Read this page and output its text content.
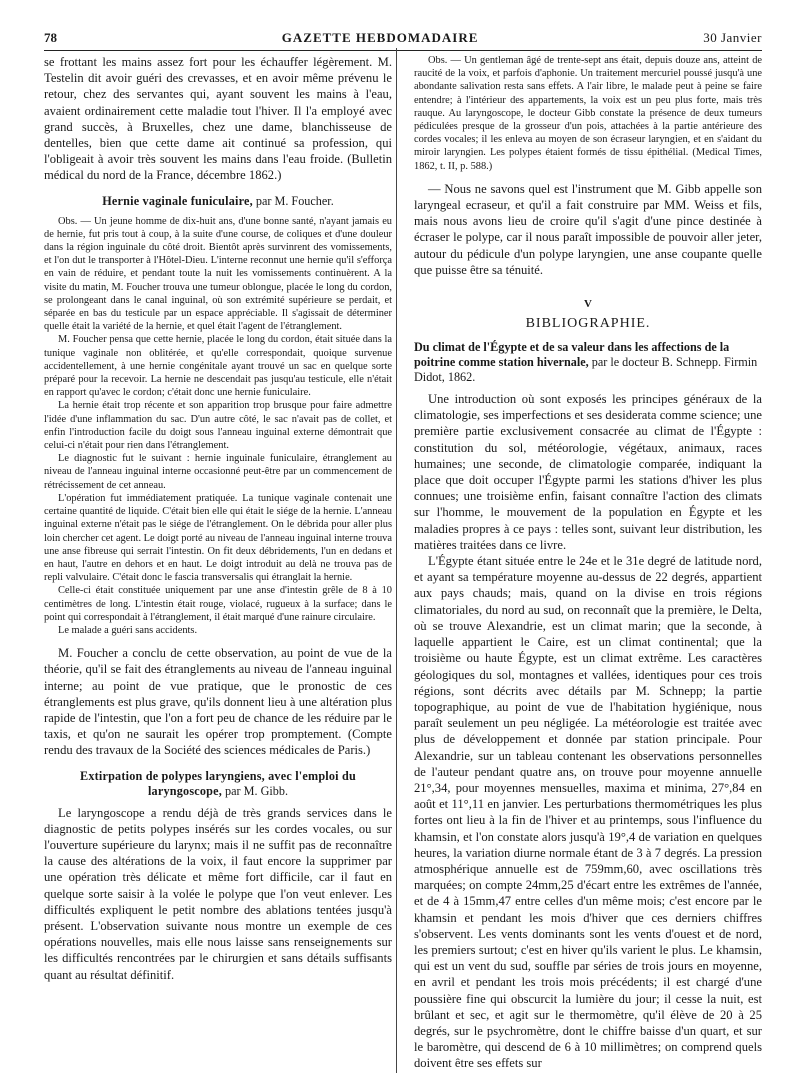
78	GAZETTE HEBDOMADAIRE	30 Janvier

se frottant les mains assez fort pour les échauffer légèrement. M. Testelin dit avoir guéri des crevasses, et en avoir même prévenu le retour, chez des servantes qui, ayant souvent les mains à l'eau, avaient ordinairement cette maladie tout l'hiver. Il l'a employé avec grand succès, à Bruxelles, chez une dame, blanchisseuse de dentelles, bien que cette dame ait continué sa profession, qui l'obligeait à avoir très souvent les mains dans l'eau froide. (Bulletin médical du nord de la France, décembre 1862.)

Hernie vaginale funiculaire, par M. Foucher.

Obs. — Un jeune homme de dix-huit ans, d'une bonne santé, n'ayant jamais eu de hernie, fut pris tout à coup, à la suite d'une course, de coliques et d'une douleur dans la région inguinale du côté droit. Bientôt après survinrent des vomissements, et l'on dut le transporter à l'Hôtel-Dieu. L'interne reconnut une hernie qu'il s'efforça en vain de réduire, et pendant toute la nuit les vomissements continuèrent. A la visite du matin, M. Foucher trouva une tumeur oblongue, placée le long du cordon, se prolongeant dans le canal inguinal, où son extrémité supérieure se perdait, et séparée en bas du testicule par un espace appréciable. Il s'agissait de déterminer quelle était la variété de la hernie, et quel était l'agent de l'étranglement.

M. Foucher pensa que cette hernie, placée le long du cordon, était située dans la tunique vaginale non oblitérée, et qu'elle correspondait, quoique survenue accidentellement, à une hernie congénitale ayant trouvé un sac en quelque sorte préparé pour la recevoir. La hernie ne descendait pas jusqu'au testicule, elle n'était en rapport qu'avec le cordon; c'était donc une hernie funiculaire.

La hernie était trop récente et son apparition trop brusque pour faire admettre l'idée d'une inflammation du sac. D'un autre côté, le sac n'avait pas de collet, et enfin l'introduction facile du doigt sous l'anneau inguinal externe démontrait que celui-ci n'était pour rien dans l'étranglement.

Le diagnostic fut le suivant : hernie inguinale funiculaire, étranglement au niveau de l'anneau inguinal interne occasionné peut-être par un commencement de rétrécissement de cet anneau.

L'opération fut immédiatement pratiquée. La tunique vaginale contenait une certaine quantité de liquide. C'était bien elle qui était le siége de la hernie. L'anneau inguinal externe n'était pas le siége de l'étranglement. On le débrida pour aller plus loin chercher cet agent. Le doigt porté au niveau de l'anneau inguinal interne trouva une anse fibreuse qui serrait l'intestin. On fit deux débridements, l'un en dedans et en haut, l'autre en dehors et en haut. Le doigt introduit au delà ne trouva pas de repli valvulaire. C'était donc le fascia transversalis qui étranglait la hernie.

Celle-ci était constituée uniquement par une anse d'intestin grêle de 8 à 10 centimètres de long. L'intestin était rouge, violacé, rugueux à la surface; dans le point qui correspondait à l'étranglement, il était marqué d'une rainure circulaire.

Le malade a guéri sans accidents.

M. Foucher a conclu de cette observation, au point de vue de la théorie, qu'il se fait des étranglements au niveau de l'anneau inguinal interne; au point de vue pratique, que le pronostic de ces étranglements est plus grave, qu'ils donnent lieu à une altération plus rapide de l'intestin, que l'on a fort peu de chance de les réduire par le taxis, et qu'on ne saurait les opérer trop promptement. (Compte rendu des travaux de la Société des sciences médicales de Paris.)

Extirpation de polypes laryngiens, avec l'emploi du laryngoscope, par M. Gibb.

Le laryngoscope a rendu déjà de très grands services dans le diagnostic de petits polypes insérés sur les cordes vocales, ou sur l'ouverture supérieure du larynx; mais il ne suffit pas de reconnaître la cause des altérations de la voix, il faut encore la supprimer par une opération très délicate et même fort difficile, car il faut en quelque sorte saisir à la volée le polype que l'on veut enlever. Les difficultés expliquent le petit nombre des ablations tentées jusqu'à présent. L'observation suivante nous montre un exemple de ces opérations nouvelles, mais elle nous laisse sans renseignements sur les difficultés rencontrées par le chirurgien et sans détails suffisants quant au résultat définitif.

Obs. — Un gentleman âgé de trente-sept ans était, depuis douze ans, atteint de raucité de la voix, et parfois d'aphonie. Un traitement mercuriel poussé jusqu'à une abondante salivation resta sans effets. A l'air libre, le malade peut à peine se faire entendre; à l'intérieur des appartements, la voix est un peu plus forte, mais très rauque. Au laryngoscope, le docteur Gibb constate la présence de deux tumeurs pédiculées presque de la grosseur d'un pois, attachées à la partie antérieure des cordes vocales; il les enleva au moyen de son écraseur laryngien, et en s'aidant du miroir laryngien. Les polypes étaient formés de tissu épithélial. (Medical Times, 1862, t. II, p. 588.)

— Nous ne savons quel est l'instrument que M. Gibb appelle son laryngeal ecraseur, et qu'il a fait construire par MM. Weiss et fils, mais nous avons lieu de croire qu'il s'agit d'une pince destinée à écraser le polype, car il nous paraît impossible de pouvoir aller jeter, autour du pédicule d'un polype laryngien, une anse coupante quelle que puisse être sa ténuité.

V
BIBLIOGRAPHIE.
Du climat de l'Égypte et de sa valeur dans les affections de la poitrine comme station hivernale, par le docteur B. Schnepp. Firmin Didot, 1862.

Une introduction où sont exposés les principes généraux de la climatologie, ses imperfections et ses desiderata comme science; une première partie exclusivement consacrée au climat de l'Égypte : constitution du sol, météorologie, végétaux, animaux, races humaines; une seconde, de climatologie comparée, indiquant la place que doit occuper l'Égypte parmi les stations d'hiver les plus connues; une troisième enfin, faisant connaître l'action des climats sur l'homme, le mouvement de la population en Égypte et les maladies propres à ce pays : telles sont, suivant leur distribution, les matières traitées dans ce livre.

L'Égypte étant située entre le 24e et le 31e degré de latitude nord, et ayant sa température moyenne au-dessus de 22 degrés, appartient aux pays chauds; mais, quand on la divise en trois régions climatoriales, du nord au sud, on reconnaît que la première, le Delta, où se trouve Alexandrie, est un climat marin; que la seconde, à laquelle appartient le Caire, est un climat continental; que la troisième ou haute Égypte, est un climat extrême. Les caractères géologiques du sol, montagnes et vallées, identiques pour ces trois régions, sont décrits avec détails par M. Schnepp; la partie topographique, au point de vue de l'habitation hygiénique, nous paraît seulement un peu négligée. La météorologie est traitée avec plus de développement et donnée par station principale. Pour Alexandrie, sur un tableau contenant les observations personnelles de l'auteur pendant quatre ans, on trouve pour moyenne annuelle 21°,34, pour moyennes mensuelles, maxima et minima, 27°,84 en août et 11°,11 en janvier. Les perturbations thermométriques les plus fortes ont lieu à la fin de l'hiver et au printemps, sous l'influence du khamsin, et l'on constate alors jusqu'à 19°,4 de variation en quelques heures, la variation diurne normale étant de 3 à 7 degrés. La pression atmosphérique annuelle est de 759mm,60, avec oscillations très marquées; on compte 24mm,25 d'écart entre les extrêmes de l'année, et de 4 à 15mm,47 entre celles d'un même mois; c'est encore par le khamsin et pendant les mois d'hiver que ces derniers chiffres s'observent. Les vents dominants sont les vents d'ouest et de nord, les premiers surtout; c'est en hiver qu'ils varient le plus. Le khamsin, qui est un vent du sud, souffle par séries de trois jours en moyenne, en avril et pendant les trois mois précédents; il est chargé d'une poussière fine qui obscurcit la lumière du jour; il cesse la nuit, est brûlant et sec, et agit sur le thermomètre, qu'il élève de 20 à 25 degrés, sur le psychromètre, dont le chiffre baisse d'un quart, et sur le baromètre, qui descend de 6 à 10 millimètres; on comprend quels doivent être ses effets sur
